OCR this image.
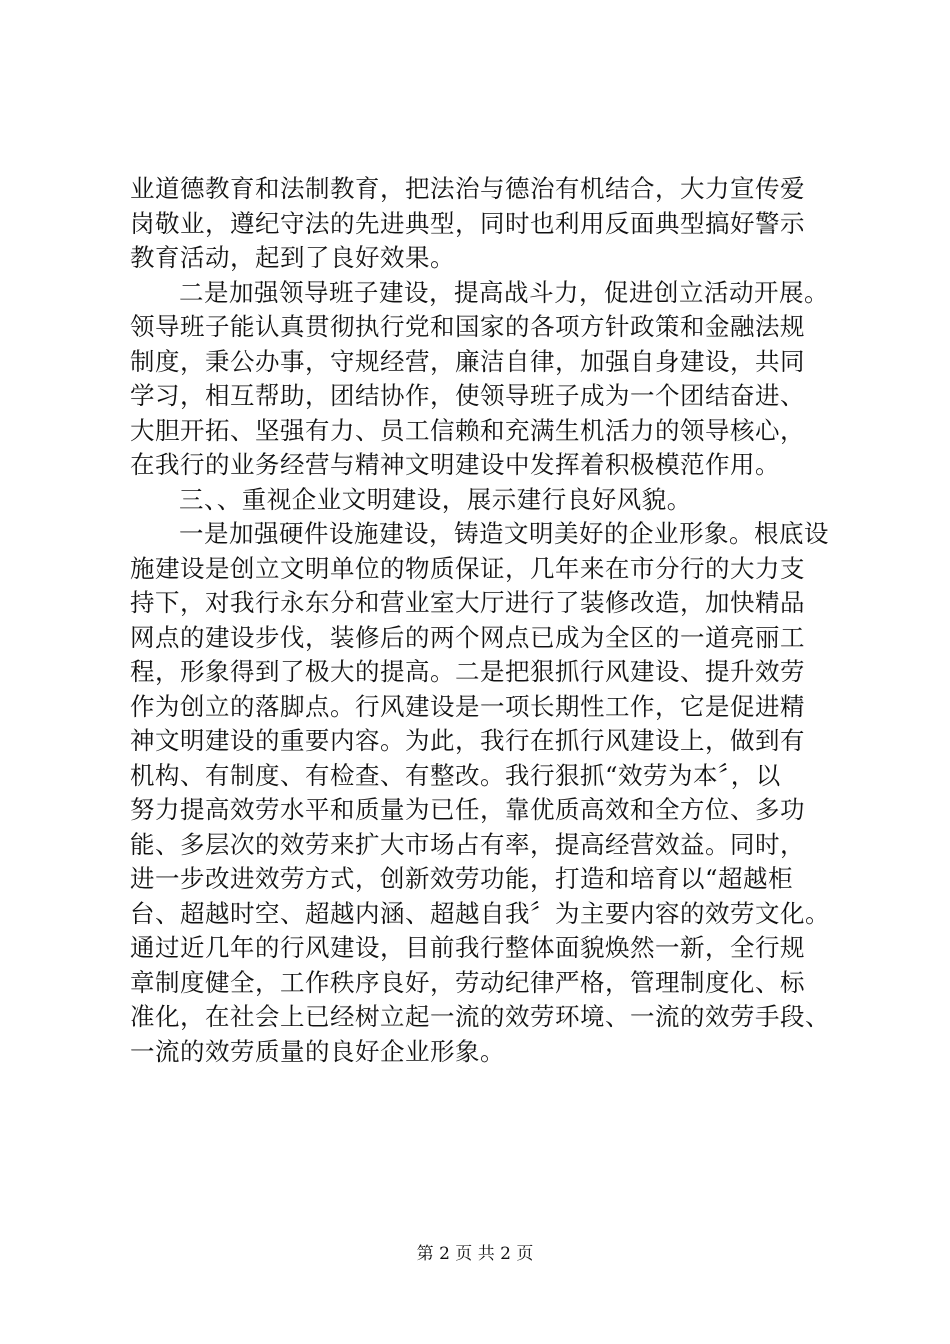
业道德教育和法制教育，把法治与德治有机结合，大力宣传爱
岗敬业，遵纪守法的先进典型，同时也利用反面典型搞好警示
教育活动，起到了良好效果。
二是加强领导班子建设，提高战斗力，促进创立活动开展。
领导班子能认真贯彻执行党和国家的各项方针政策和金融法规
制度，秉公办事，守规经营，廉洁自律，加强自身建设，共同
学习，相互帮助，团结协作，使领导班子成为一个团结奋进、
大胆开拓、坚强有力、员工信赖和充满生机活力的领导核心，
在我行的业务经营与精神文明建设中发挥着积极模范作用。
三、、重视企业文明建设，展示建行良好风貌。
一是加强硬件设施建设，铸造文明美好的企业形象。根底设
施建设是创立文明单位的物质保证，几年来在市分行的大力支
持下，对我行永东分和营业室大厅进行了装修改造，加快精品
网点的建设步伐，装修后的两个网点已成为全区的一道亮丽工
程，形象得到了极大的提高。二是把狠抓行风建设、提升效劳
作为创立的落脚点。行风建设是一项长期性工作，它是促进精
神文明建设的重要内容。为此，我行在抓行风建设上，做到有
机构、有制度、有检查、有整改。我行狠抓“效劳为本〞，以
努力提高效劳水平和质量为已任，靠优质高效和全方位、多功
能、多层次的效劳来扩大市场占有率，提高经营效益。同时，
进一步改进效劳方式，创新效劳功能，打造和培育以“超越柜
台、超越时空、超越内涵、超越自我〞为主要内容的效劳文化。
通过近几年的行风建设，目前我行整体面貌焕然一新，全行规
章制度健全，工作秩序良好，劳动纪律严格，管理制度化、标
准化，在社会上已经树立起一流的效劳环境、一流的效劳手段、
一流的效劳质量的良好企业形象。
第 2 页 共 2 页
